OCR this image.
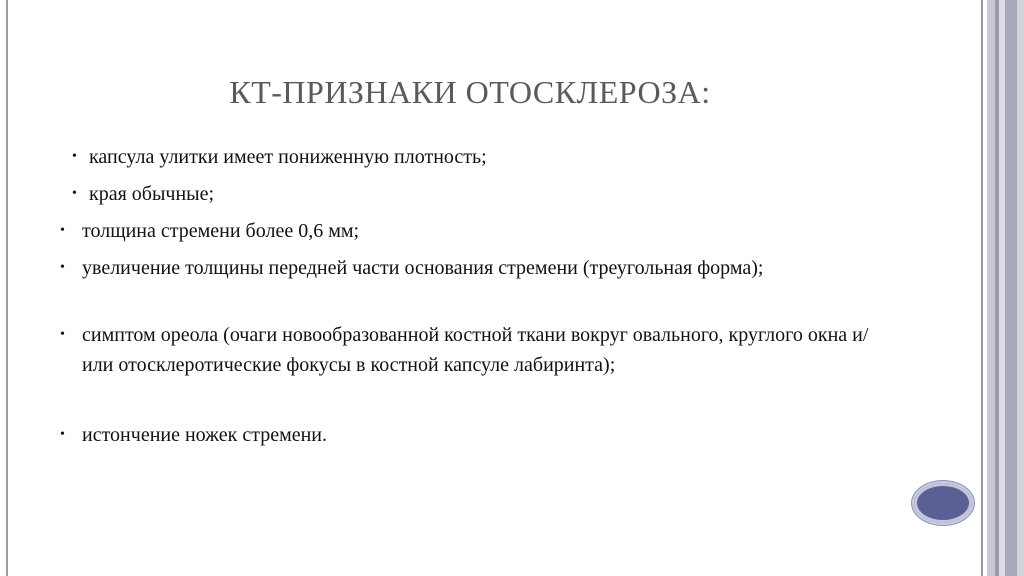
КТ-ПРИЗНАКИ ОТОСКЛЕРОЗА:
• капсула улитки имеет пониженную плотность;
• края обычные;
• толщина стремени более 0,6 мм;
• увеличение толщины передней части основания стремени (треугольная форма);
• симптом ореола (очаги новообразованной костной ткани вокруг овального, круглого окна и/или отосклеротические фокусы в костной капсуле лабиринта);
• истончение ножек стремени.
